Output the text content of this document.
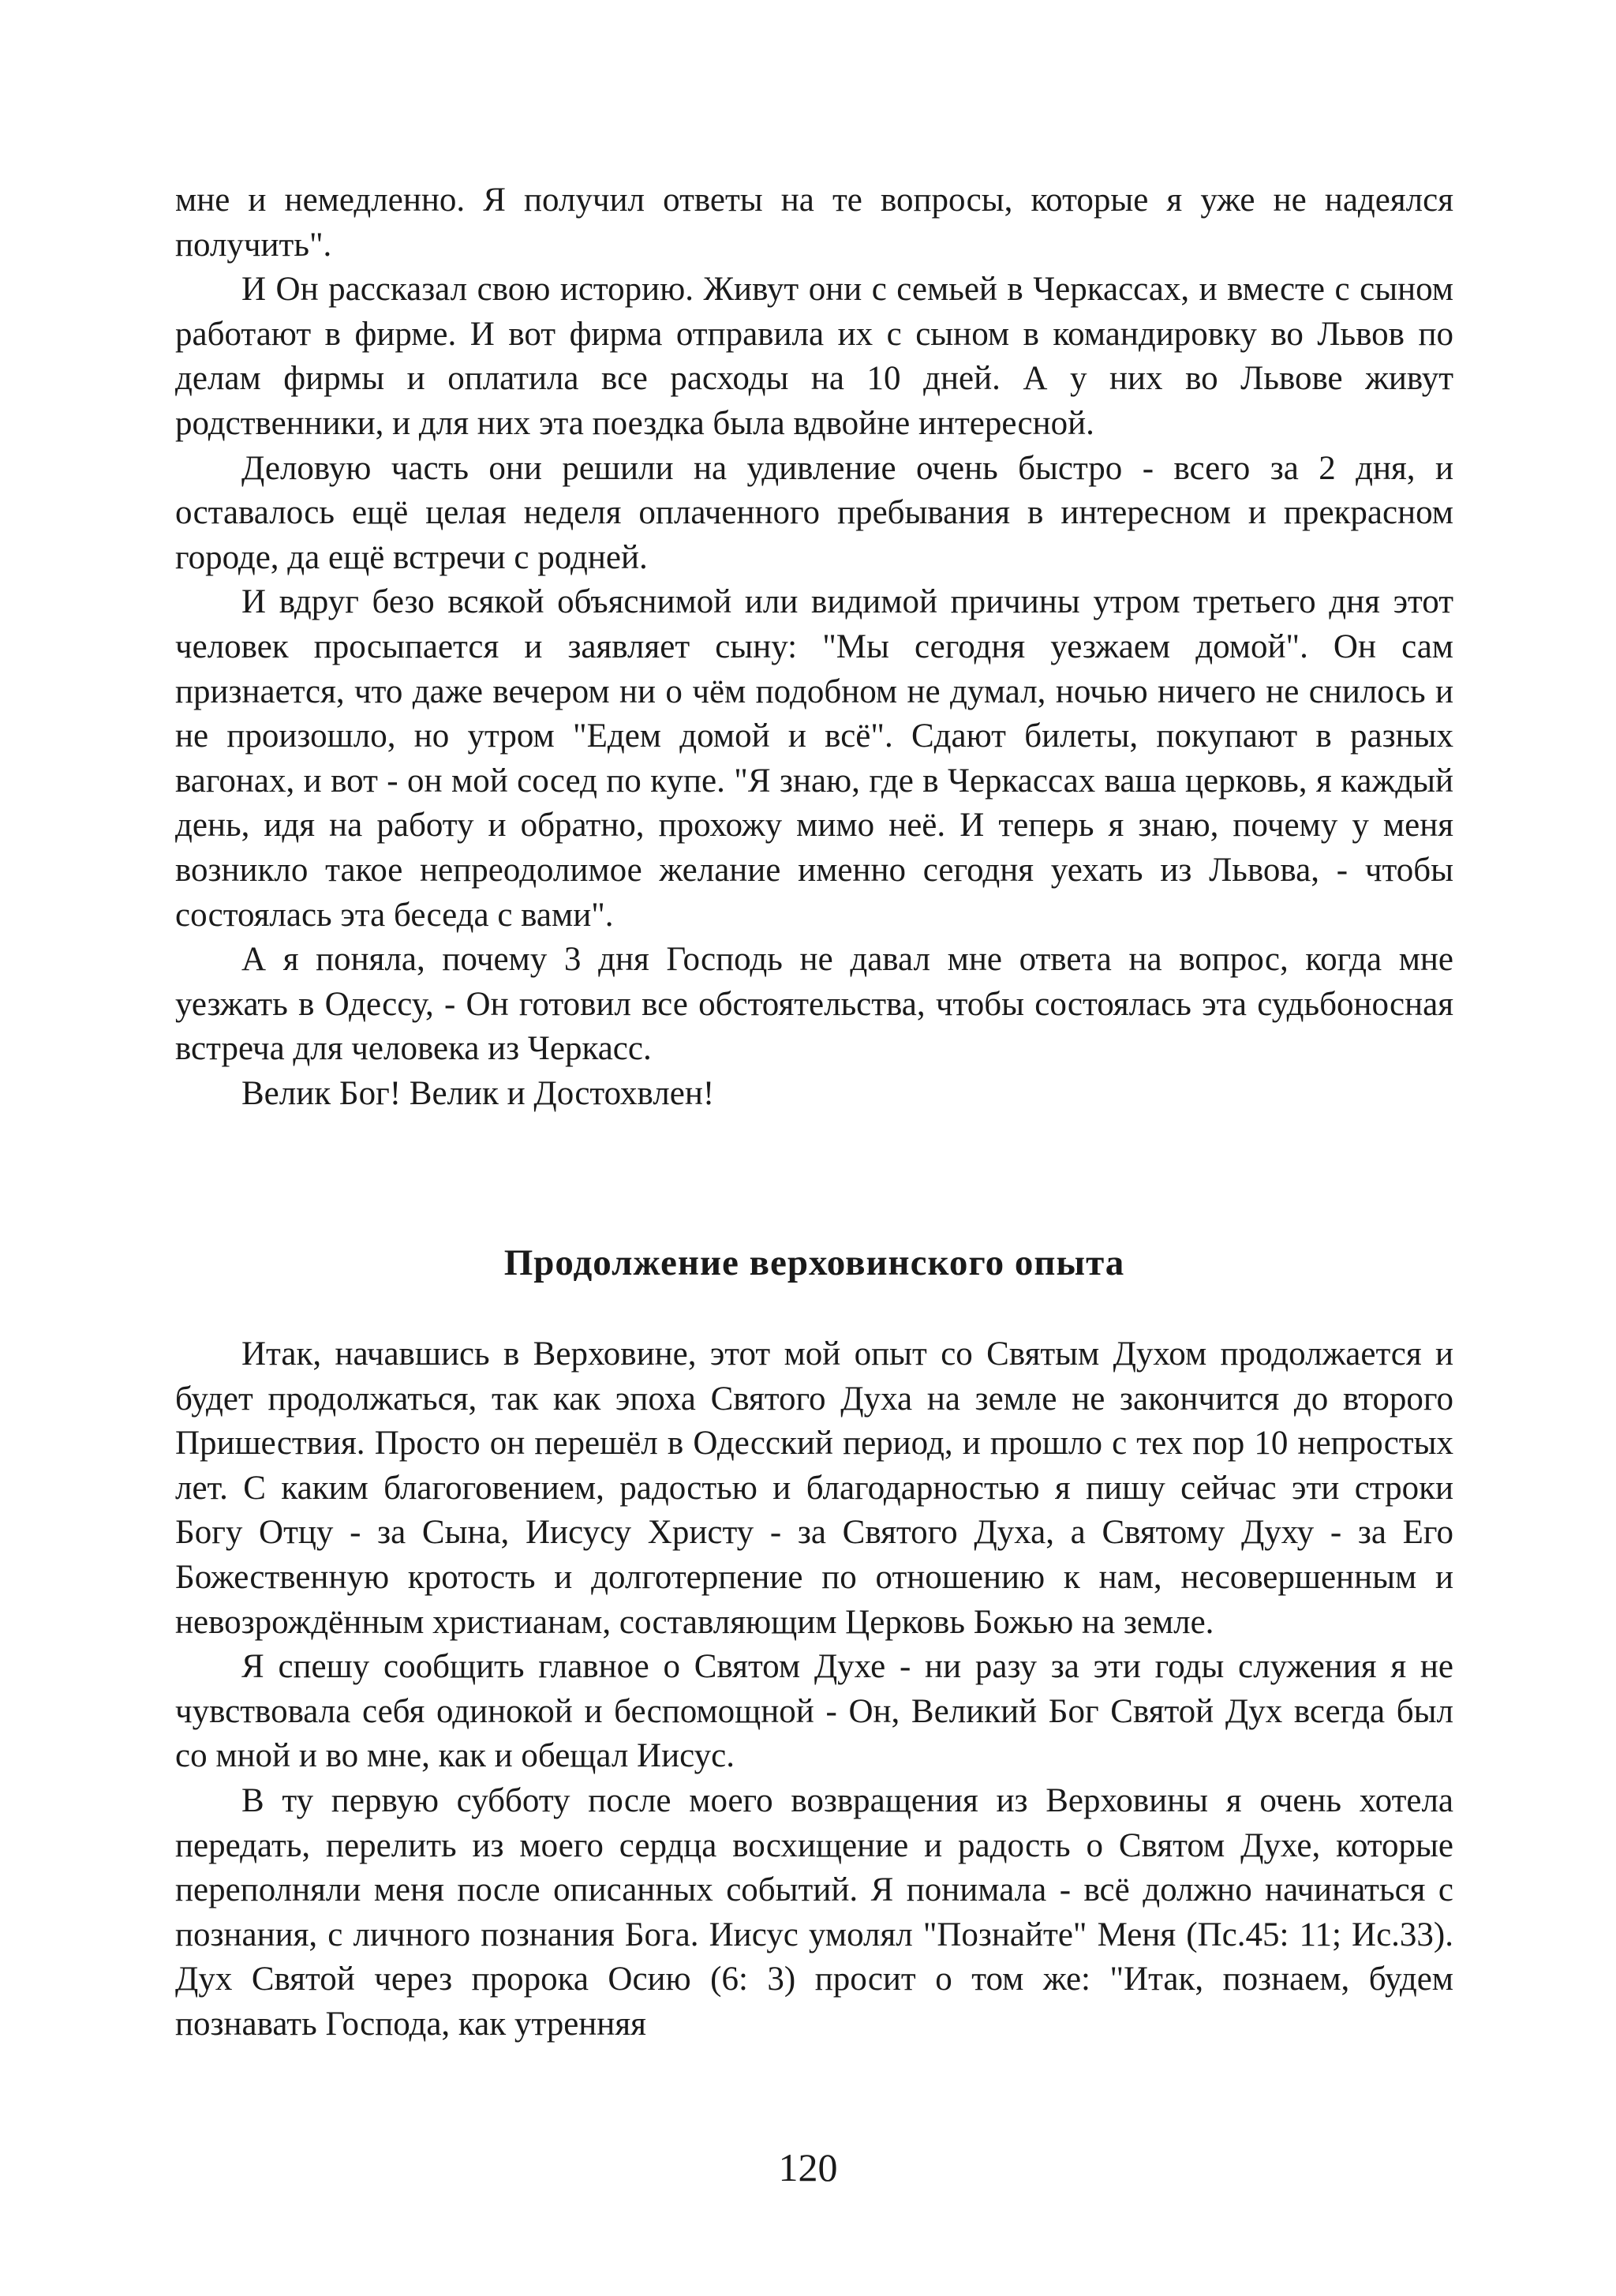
мне и немедленно. Я получил ответы на те вопросы, которые я уже не надеялся получить".

И Он рассказал свою историю. Живут они с семьей в Черкассах, и вместе с сыном работают в фирме. И вот фирма отправила их с сыном в командировку во Львов по делам фирмы и оплатила все расходы на 10 дней. А у них во Львове живут родственники, и для них эта поездка была вдвойне интересной.

Деловую часть они решили на удивление очень быстро - всего за 2 дня, и оставалось ещё целая неделя оплаченного пребывания в интересном и прекрасном городе, да ещё встречи с родней.

И вдруг безо всякой объяснимой или видимой причины утром третьего дня этот человек просыпается и заявляет сыну: "Мы сегодня уезжаем домой". Он сам признается, что даже вечером ни о чём подобном не думал, ночью ничего не снилось и не произошло, но утром "Едем домой и всё". Сдают билеты, покупают в разных вагонах, и вот - он мой сосед по купе. "Я знаю, где в Черкассах ваша церковь, я каждый день, идя на работу и обратно, прохожу мимо неё. И теперь я знаю, почему у меня возникло такое непреодолимое желание именно сегодня уехать из Львова, - чтобы состоялась эта беседа с вами".

А я поняла, почему 3 дня Господь не давал мне ответа на вопрос, когда мне уезжать в Одессу, - Он готовил все обстоятельства, чтобы состоялась эта судьбоносная встреча для человека из Черкасс.

Велик Бог! Велик и Достохвлен!

Продолжение верховинского опыта

Итак, начавшись в Верховине, этот мой опыт со Святым Духом продолжается и будет продолжаться, так как эпоха Святого Духа на земле не закончится до второго Пришествия. Просто он перешёл в Одесский период, и прошло с тех пор 10 непростых лет. С каким благоговением, радостью и благодарностью я пишу сейчас эти строки Богу Отцу - за Сына, Иисусу Христу - за Святого Духа, а Святому Духу - за Его Божественную кротость и долготерпение по отношению к нам, несовершенным и невозрождённым христианам, составляющим Церковь Божью на земле.

Я спешу сообщить главное о Святом Духе - ни разу за эти годы служения я не чувствовала себя одинокой и беспомощной - Он, Великий Бог Святой Дух всегда был со мной и во мне, как и обещал Иисус.

В ту первую субботу после моего возвращения из Верховины я очень хотела передать, перелить из моего сердца восхищение и радость о Святом Духе, которые переполняли меня после описанных событий. Я понимала - всё должно начинаться с познания, с личного познания Бога. Иисус умолял "Познайте" Меня (Пс.45: 11; Ис.33). Дух Святой через пророка Осию (6: 3) просит о том же: "Итак, познаем, будем познавать Господа, как утренняя

120
